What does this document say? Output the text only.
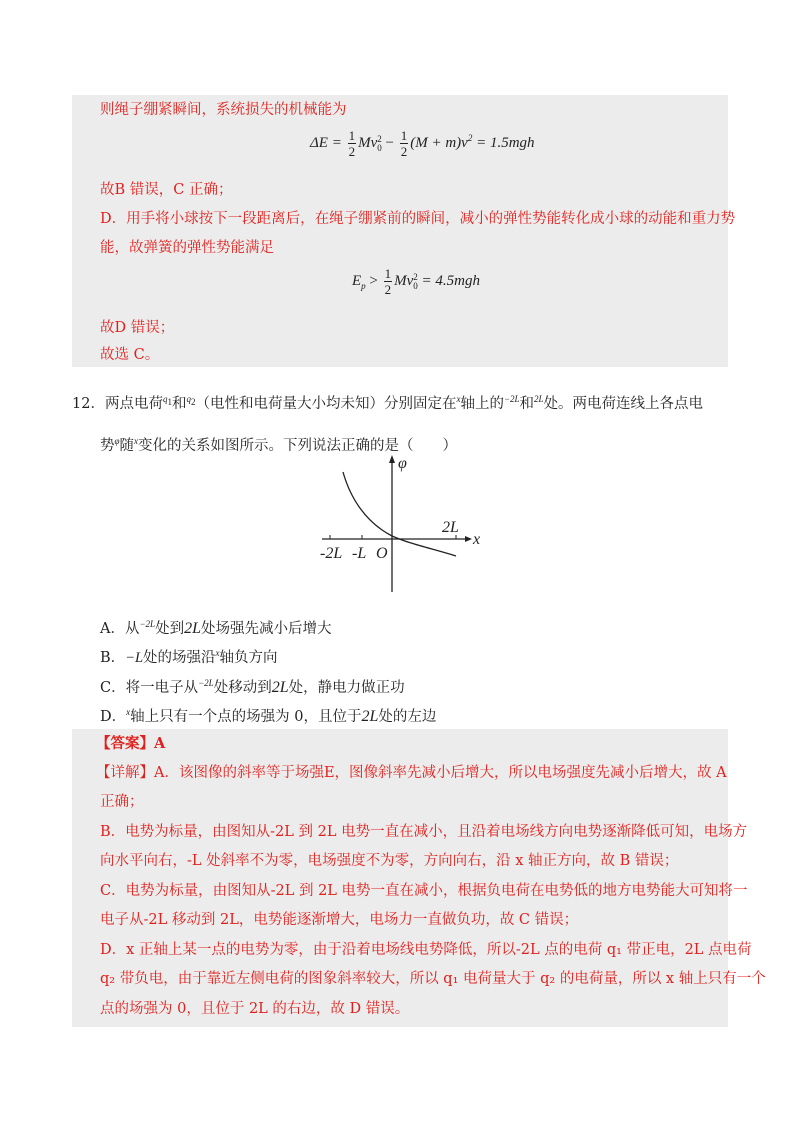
则绳子绷紧瞬间，系统损失的机械能为
$\Delta E = \frac{1}{2}$ Mv 2
$0 - \frac{1}{2} (M + m)v^2 = 1.5mgh$
故B 错误，C 正确；
D．用手将小球按下一段距离后，在绳子绷紧前的瞬间，减小的弹性势能转化成小球的动能和重力势
能，故弹簧的弹性势能满足
$E_p > \frac{1}{2}$ Mv 2
0 = 4.5mgh
故D 错误；
故选 C。
12．两点电荷$^{q_1}$和$^{q_2}$（电性和电荷量大小均未知）分别固定在$^x$轴上的$^{-2L}$和$^{2L}$处。两电荷连线上各点电
势$^\varphi$随$^x$变化的关系如图所示。下列说法正确的是（　　）
φ
x
2L
-2L -L O
A．从$^{-2L}$处到2L处场强先减小后增大
B．−L处的场强沿$^x$轴负方向
C．将一电子从$^{-2L}$处移动到2L处，静电力做正功
D．$^x$轴上只有一个点的场强为 0，且位于2L处的左边
【答案】A
【详解】A．该图像的斜率等于场强E，图像斜率先减小后增大，所以电场强度先减小后增大，故 A
正确；
B．电势为标量，由图知从-2L 到 2L 电势一直在减小，且沿着电场线方向电势逐渐降低可知，电场方
向水平向右，-L 处斜率不为零，电场强度不为零，方向向右，沿 x 轴正方向，故 B 错误；
C．电势为标量，由图知从-2L 到 2L 电势一直在减小，根据负电荷在电势低的地方电势能大可知将一
电子从-2L 移动到 2L，电势能逐渐增大，电场力一直做负功，故 C 错误；
D．x 正轴上某一点的电势为零，由于沿着电场线电势降低，所以-2L 点的电荷 q₁ 带正电，2L 点电荷
q₂ 带负电，由于靠近左侧电荷的图象斜率较大，所以 q₁ 电荷量大于 q₂ 的电荷量，所以 x 轴上只有一个
点的场强为 0，且位于 2L 的右边，故 D 错误。
